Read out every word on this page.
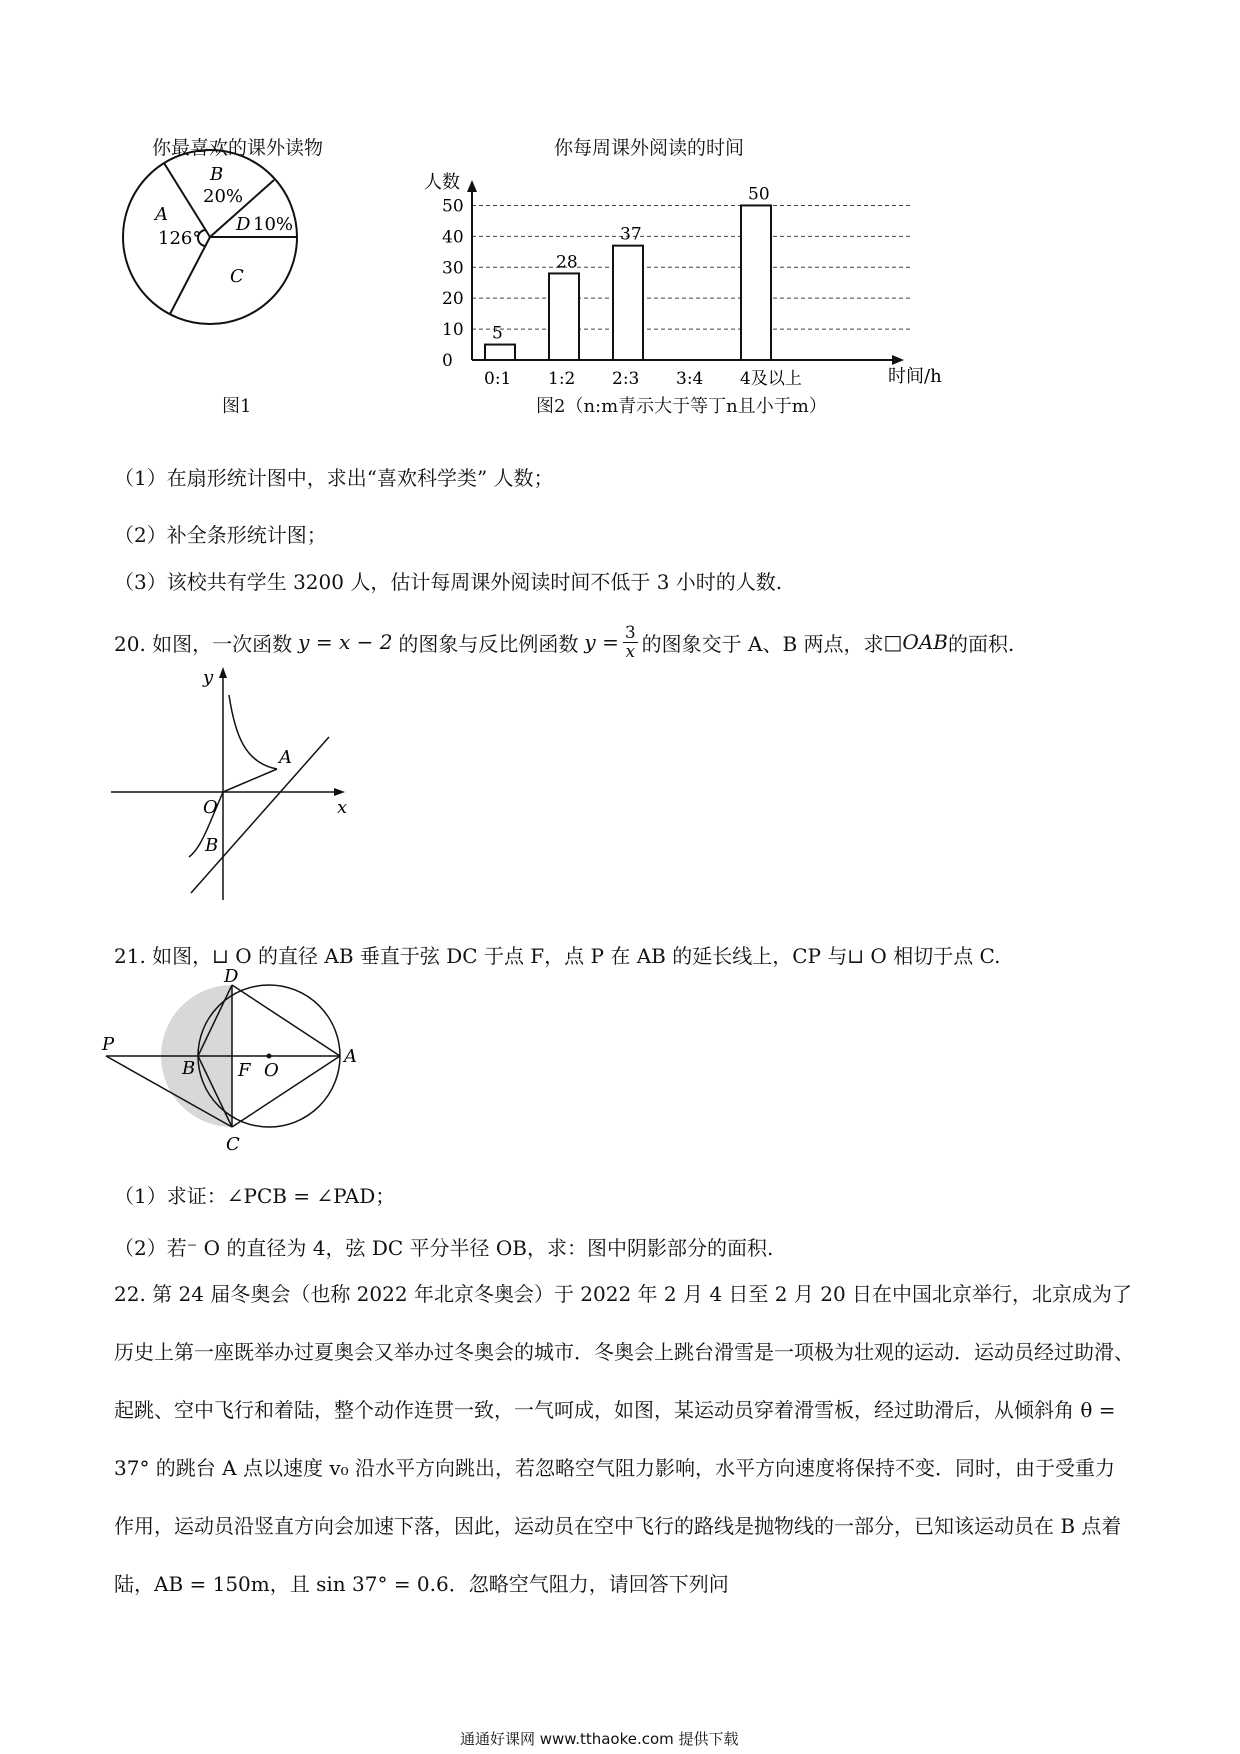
你最喜欢的课外读物
A
126°
B
20%
D 10%
C
图1
你每周课外阅读的时间
人数
时间/h
0
10
20
30
40
50
0:1 1:2 2:3 3:4 4及以上
5
28
37
50
图2（n:m青示大于等丁n且小于m）
（1）在扇形统计图中，求出“喜欢科学类” 人数；
（2）补全条形统计图；
（3）该校共有学生 3200 人，估计每周课外阅读时间不低于 3 小时的人数.
20. 如图，一次函数 y = x − 2 的图象与反比例函数 $y = \frac{3}{x}$ 的图象交于 A、B 两点，求 □OAB 的面积.
y
x
O
A
B
21. 如图，⊔ O 的直径 AB 垂直于弦 DC 于点 F，点 P 在 AB 的延长线上，CP 与⊔ O 相切于点 C.
D
P
B F O
A
C
（1）求证：∠PCB = ∠PAD；
（2）若⁻ O 的直径为 4，弦 DC 平分半径 OB，求：图中阴影部分的面积.
22. 第 24 届冬奥会（也称 2022 年北京冬奥会）于 2022 年 2 月 4 日至 2 月 20 日在中国北京举行，北京成为了历史上第一座既举办过夏奥会又举办过冬奥会的城市．冬奥会上跳台滑雪是一项极为壮观的运动．运动员经过助滑、起跳、空中飞行和着陆，整个动作连贯一致，一气呵成，如图，某运动员穿着滑雪板，经过助滑后，从倾斜角 θ = 37° 的跳台 A 点以速度 v₀ 沿水平方向跳出，若忽略空气阻力影响，水平方向速度将保持不变．同时，由于受重力作用，运动员沿竖直方向会加速下落，因此，运动员在空中飞行的路线是抛物线的一部分，已知该运动员在 B 点着陆，AB = 150m，且 sin 37° = 0.6．忽略空气阻力，请回答下列问
通通好课网 www.tthaoke.com 提供下载
